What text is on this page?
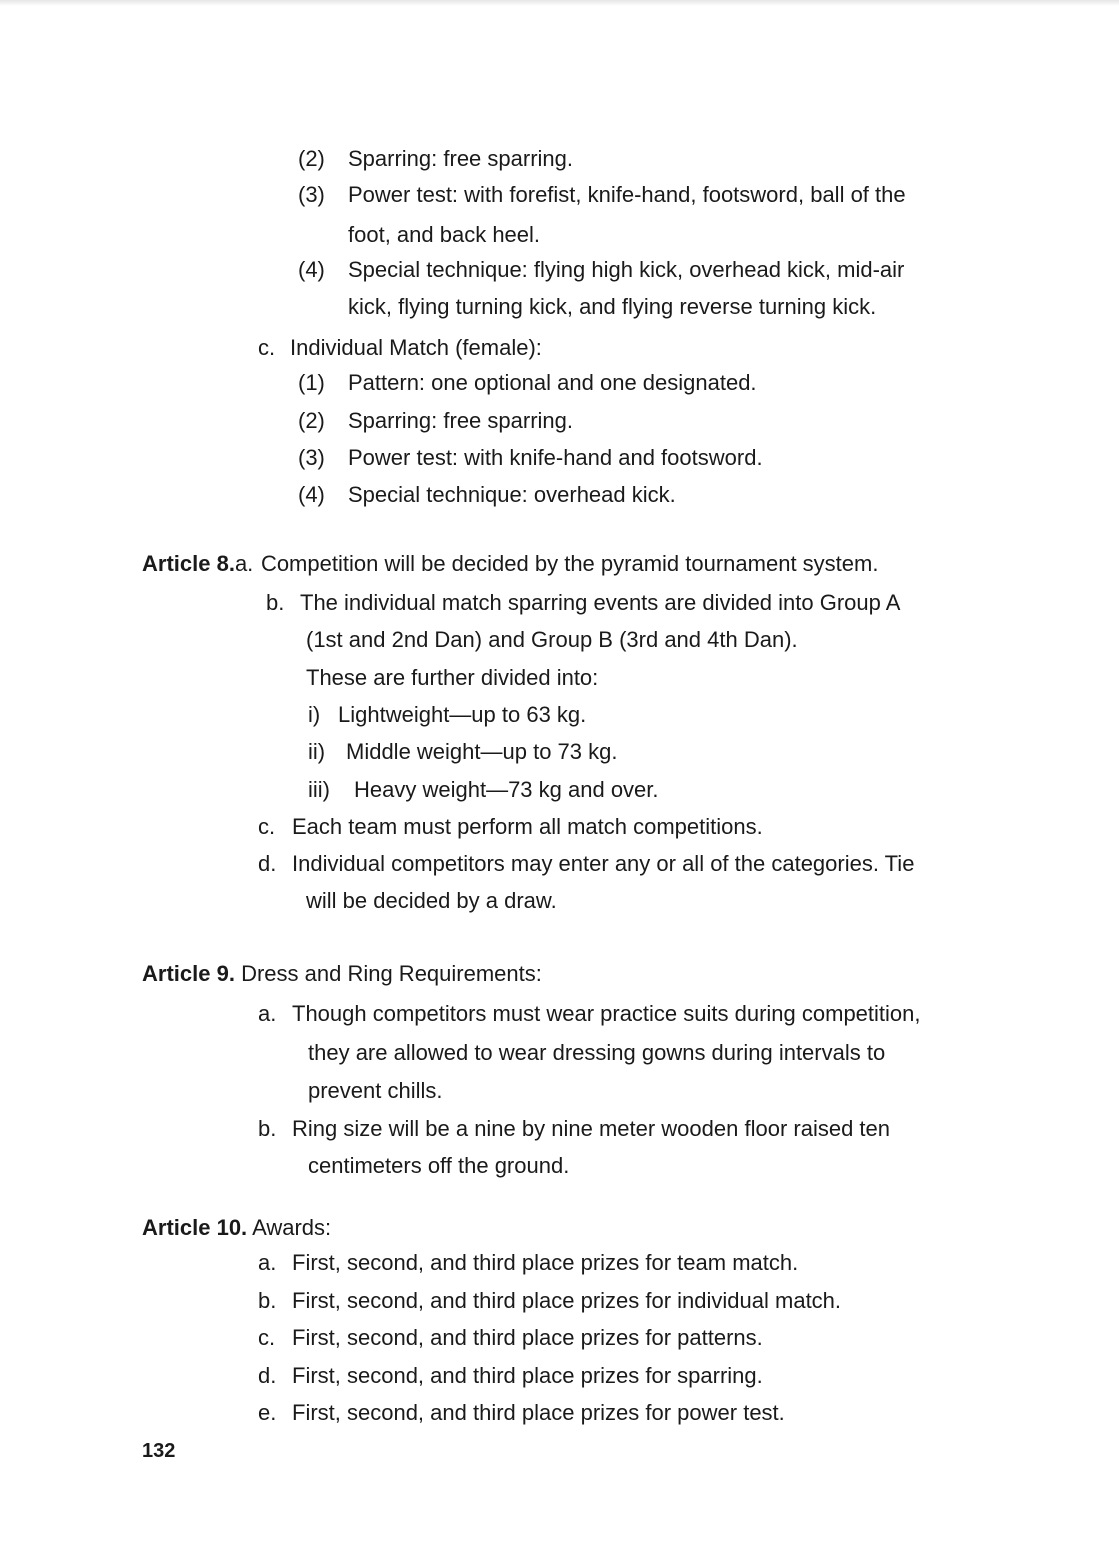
(2) Sparring: free sparring.
(3) Power test: with forefist, knife-hand, footsword, ball of the
foot, and back heel.
(4) Special technique: flying high kick, overhead kick, mid-air
kick, flying turning kick, and flying reverse turning kick.
c. Individual Match (female):
(1) Pattern: one optional and one designated.
(2) Sparring: free sparring.
(3) Power test: with knife-hand and footsword.
(4) Special technique: overhead kick.
Article 8.a. Competition will be decided by the pyramid tournament system.
b. The individual match sparring events are divided into Group A
(1st and 2nd Dan) and Group B (3rd and 4th Dan).
These are further divided into:
i) Lightweight—up to 63 kg.
ii) Middle weight—up to 73 kg.
iii) Heavy weight—73 kg and over.
c. Each team must perform all match competitions.
d. Individual competitors may enter any or all of the categories. Tie
will be decided by a draw.
Article 9. Dress and Ring Requirements:
a. Though competitors must wear practice suits during competition,
they are allowed to wear dressing gowns during intervals to
prevent chills.
b. Ring size will be a nine by nine meter wooden floor raised ten
centimeters off the ground.
Article 10. Awards:
a. First, second, and third place prizes for team match.
b. First, second, and third place prizes for individual match.
c. First, second, and third place prizes for patterns.
d. First, second, and third place prizes for sparring.
e. First, second, and third place prizes for power test.
132
